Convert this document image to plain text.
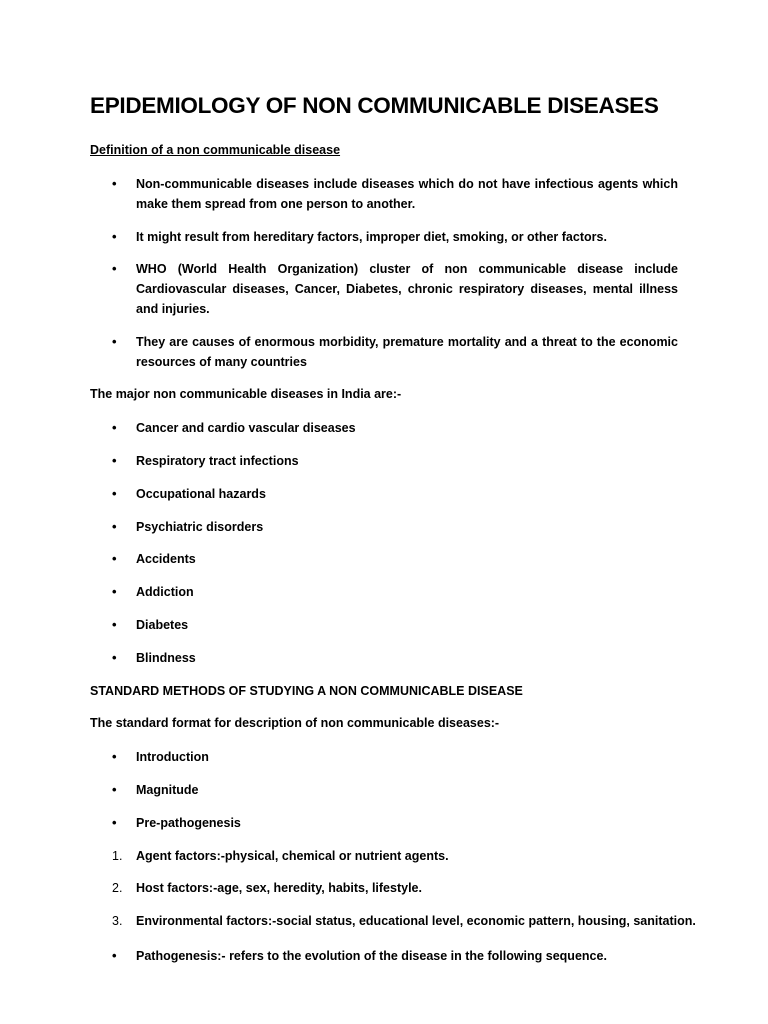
EPIDEMIOLOGY OF NON COMMUNICABLE DISEASES
Definition of a non communicable disease
•	Non-communicable diseases include diseases which do not have infectious agents which make them spread from one person to another.
•	It might result from hereditary factors, improper diet, smoking, or other factors.
•	WHO (World Health Organization) cluster of non communicable disease include Cardiovascular diseases, Cancer, Diabetes, chronic respiratory diseases, mental illness and injuries.
•	They are causes of enormous morbidity, premature mortality and a threat to the economic resources of many countries
The major non communicable diseases in India are:-
•	Cancer and cardio vascular diseases
•	Respiratory tract infections
•	Occupational hazards
•	Psychiatric disorders
•	Accidents
•	Addiction
•	Diabetes
•	Blindness
STANDARD METHODS OF STUDYING A NON COMMUNICABLE DISEASE
The standard format for description of non communicable diseases:-
•	Introduction
•	Magnitude
•	Pre-pathogenesis
1.	Agent factors:-physical, chemical or nutrient agents.
2.	Host factors:-age, sex, heredity, habits, lifestyle.
3.	Environmental factors:-social status, educational level, economic pattern, housing, sanitation.
•	Pathogenesis:- refers to the evolution of the disease in the following sequence.
